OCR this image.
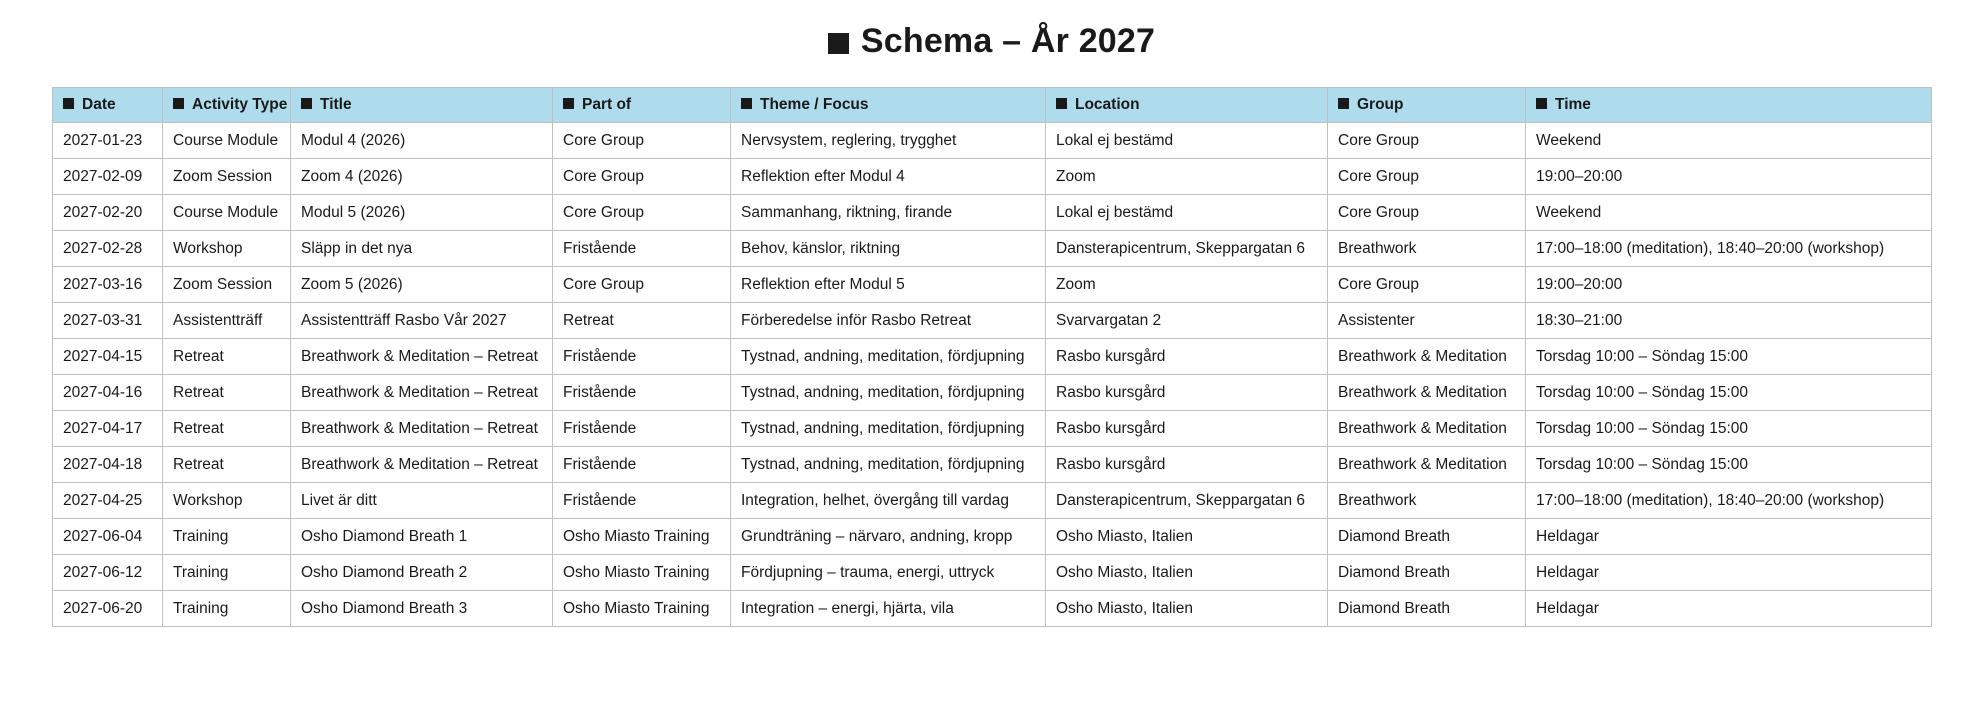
Schema – År 2027
Date	Activity Type	Title	Part of	Theme / Focus	Location	Group	Time
2027-01-23	Course Module	Modul 4 (2026)	Core Group	Nervsystem, reglering, trygghet	Lokal ej bestämd	Core Group	Weekend
2027-02-09	Zoom Session	Zoom 4 (2026)	Core Group	Reflektion efter Modul 4	Zoom	Core Group	19:00–20:00
2027-02-20	Course Module	Modul 5 (2026)	Core Group	Sammanhang, riktning, firande	Lokal ej bestämd	Core Group	Weekend
2027-02-28	Workshop	Släpp in det nya	Fristående	Behov, känslor, riktning	Dansterapicentrum, Skeppargatan 6	Breathwork	17:00–18:00 (meditation), 18:40–20:00 (workshop)
2027-03-16	Zoom Session	Zoom 5 (2026)	Core Group	Reflektion efter Modul 5	Zoom	Core Group	19:00–20:00
2027-03-31	Assistentträff	Assistentträff Rasbo Vår 2027	Retreat	Förberedelse inför Rasbo Retreat	Svarvargatan 2	Assistenter	18:30–21:00
2027-04-15	Retreat	Breathwork & Meditation – Retreat	Fristående	Tystnad, andning, meditation, fördjupning	Rasbo kursgård	Breathwork & Meditation	Torsdag 10:00 – Söndag 15:00
2027-04-16	Retreat	Breathwork & Meditation – Retreat	Fristående	Tystnad, andning, meditation, fördjupning	Rasbo kursgård	Breathwork & Meditation	Torsdag 10:00 – Söndag 15:00
2027-04-17	Retreat	Breathwork & Meditation – Retreat	Fristående	Tystnad, andning, meditation, fördjupning	Rasbo kursgård	Breathwork & Meditation	Torsdag 10:00 – Söndag 15:00
2027-04-18	Retreat	Breathwork & Meditation – Retreat	Fristående	Tystnad, andning, meditation, fördjupning	Rasbo kursgård	Breathwork & Meditation	Torsdag 10:00 – Söndag 15:00
2027-04-25	Workshop	Livet är ditt	Fristående	Integration, helhet, övergång till vardag	Dansterapicentrum, Skeppargatan 6	Breathwork	17:00–18:00 (meditation), 18:40–20:00 (workshop)
2027-06-04	Training	Osho Diamond Breath 1	Osho Miasto Training	Grundträning – närvaro, andning, kropp	Osho Miasto, Italien	Diamond Breath	Heldagar
2027-06-12	Training	Osho Diamond Breath 2	Osho Miasto Training	Fördjupning – trauma, energi, uttryck	Osho Miasto, Italien	Diamond Breath	Heldagar
2027-06-20	Training	Osho Diamond Breath 3	Osho Miasto Training	Integration – energi, hjärta, vila	Osho Miasto, Italien	Diamond Breath	Heldagar
